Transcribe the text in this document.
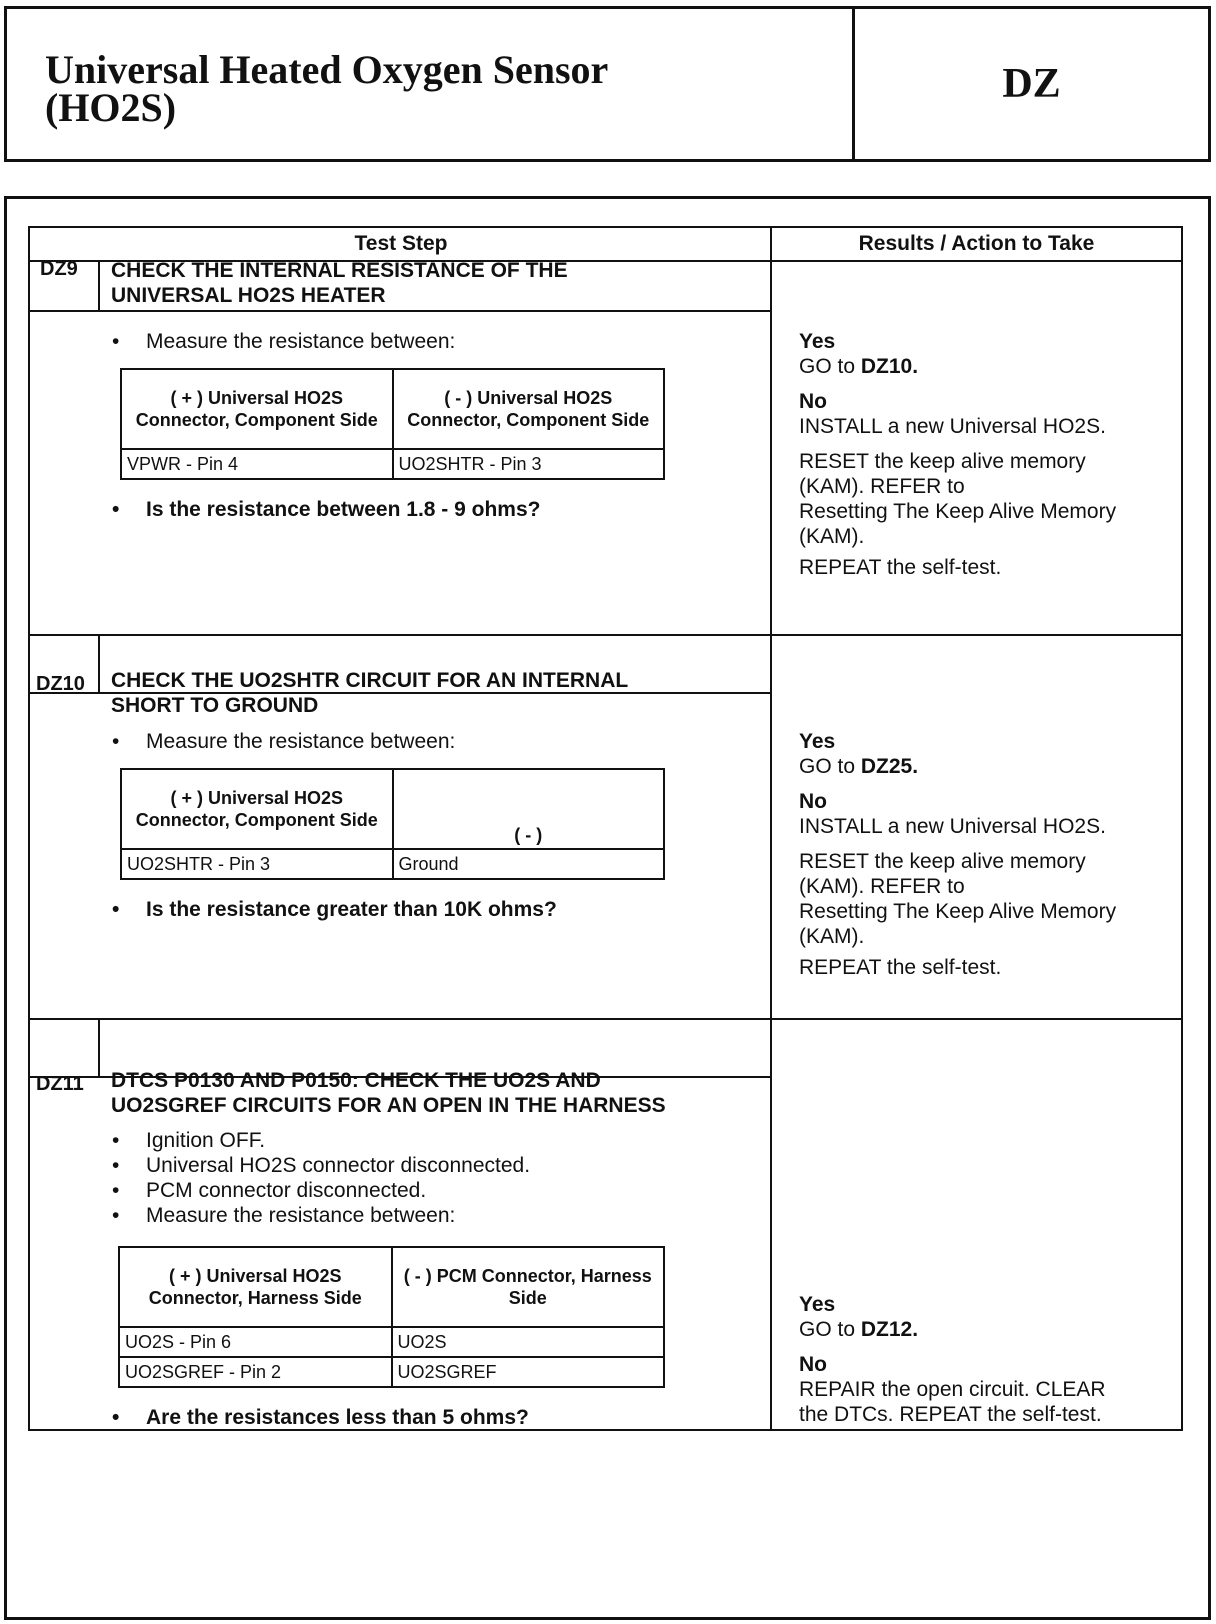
Universal Heated Oxygen Sensor
(HO2S)
DZ
Test Step	Results / Action to Take
DZ9 CHECK THE INTERNAL RESISTANCE OF THE
UNIVERSAL HO2S HEATER
• Measure the resistance between:
( + ) Universal HO2S Connector, Component Side	( - ) Universal HO2S Connector, Component Side
VPWR - Pin 4	UO2SHTR - Pin 3
• Is the resistance between 1.8 - 9 ohms?

Yes

GO to DZ10.

No

INSTALL a new Universal HO2S.

RESET the keep alive memory

(KAM). REFER to

Resetting The Keep Alive Memory

(KAM).

REPEAT the self-test.

DZ10 CHECK THE UO2SHTR CIRCUIT FOR AN INTERNAL
SHORT TO GROUND
• Measure the resistance between:
( + ) Universal HO2S Connector, Component Side	( - )
UO2SHTR - Pin 3	Ground
• Is the resistance greater than 10K ohms?

Yes

GO to DZ25.

No

INSTALL a new Universal HO2S.

RESET the keep alive memory

(KAM). REFER to

Resetting The Keep Alive Memory

(KAM).

REPEAT the self-test.

DZ11 DTCS P0130 AND P0150: CHECK THE UO2S AND
UO2SGREF CIRCUITS FOR AN OPEN IN THE HARNESS
• Ignition OFF.
• Universal HO2S connector disconnected.
• PCM connector disconnected.
• Measure the resistance between:
( + ) Universal HO2S Connector, Harness Side	( - ) PCM Connector, Harness Side
UO2S - Pin 6	UO2S
UO2SGREF - Pin 2	UO2SGREF
• Are the resistances less than 5 ohms?

Yes

GO to DZ12.

No

REPAIR the open circuit. CLEAR

the DTCs. REPEAT the self-test.
